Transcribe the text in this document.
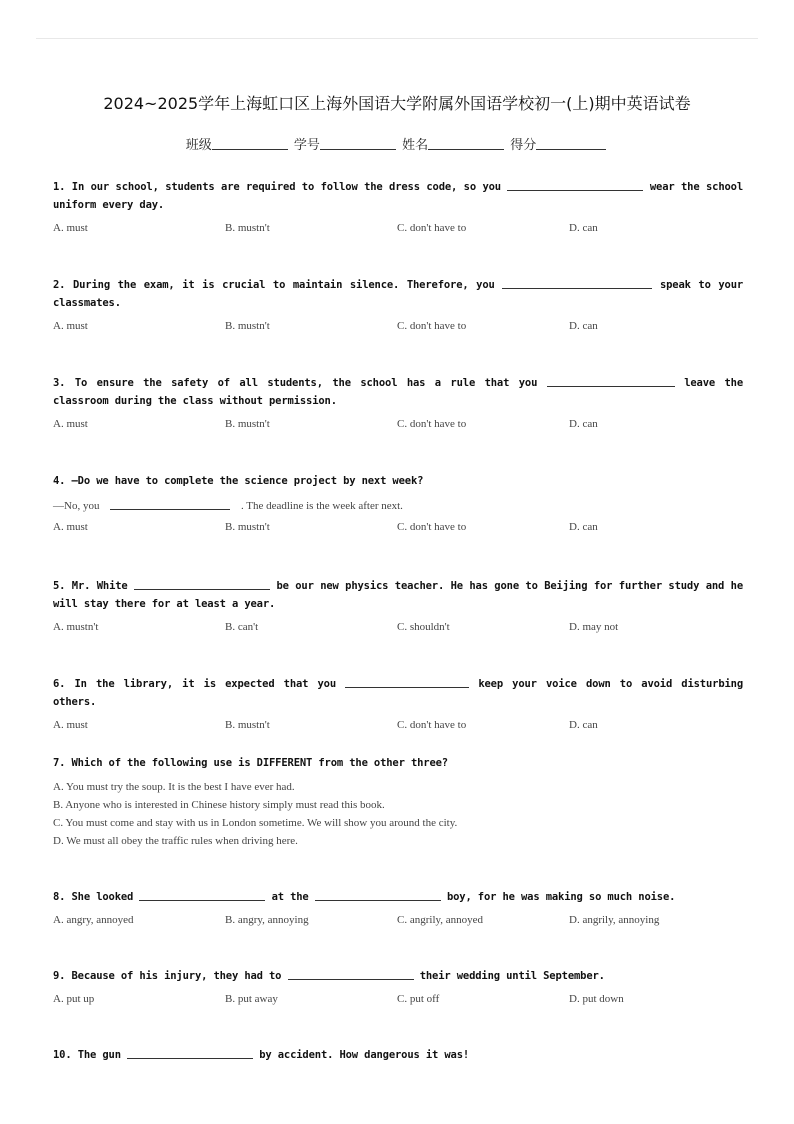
2024~2025学年上海虹口区上海外国语大学附属外国语学校初一(上)期中英语试卷
班级	学号	姓名	得分
1. In our school, students are required to follow the dress code, so you	wear the school uniform every day.
A. must	B. mustn't	C. don't have to	D. can
2. During the exam, it is crucial to maintain silence. Therefore, you	speak to your classmates.
A. must	B. mustn't	C. don't have to	D. can
3. To ensure the safety of all students, the school has a rule that you	leave the classroom during the class without permission.
A. must	B. mustn't	C. don't have to	D. can
4. —Do we have to complete the science project by next week?
—No, you	. The deadline is the week after next.
A. must	B. mustn't	C. don't have to	D. can
5. Mr. White	be our new physics teacher. He has gone to Beijing for further study and he will stay there for at least a year.
A. mustn't	B. can't	C. shouldn't	D. may not
6. In the library, it is expected that you	keep your voice down to avoid disturbing others.
A. must	B. mustn't	C. don't have to	D. can
7. Which of the following use is DIFFERENT from the other three?
A. You must try the soup. It is the best I have ever had.
B. Anyone who is interested in Chinese history simply must read this book.
C. You must come and stay with us in London sometime. We will show you around the city.
D. We must all obey the traffic rules when driving here.
8. She looked	at the	boy, for he was making so much noise.
A. angry, annoyed	B. angry, annoying	C. angrily, annoyed	D. angrily, annoying
9. Because of his injury, they had to	their wedding until September.
A. put up	B. put away	C. put off	D. put down
10. The gun	by accident. How dangerous it was!
